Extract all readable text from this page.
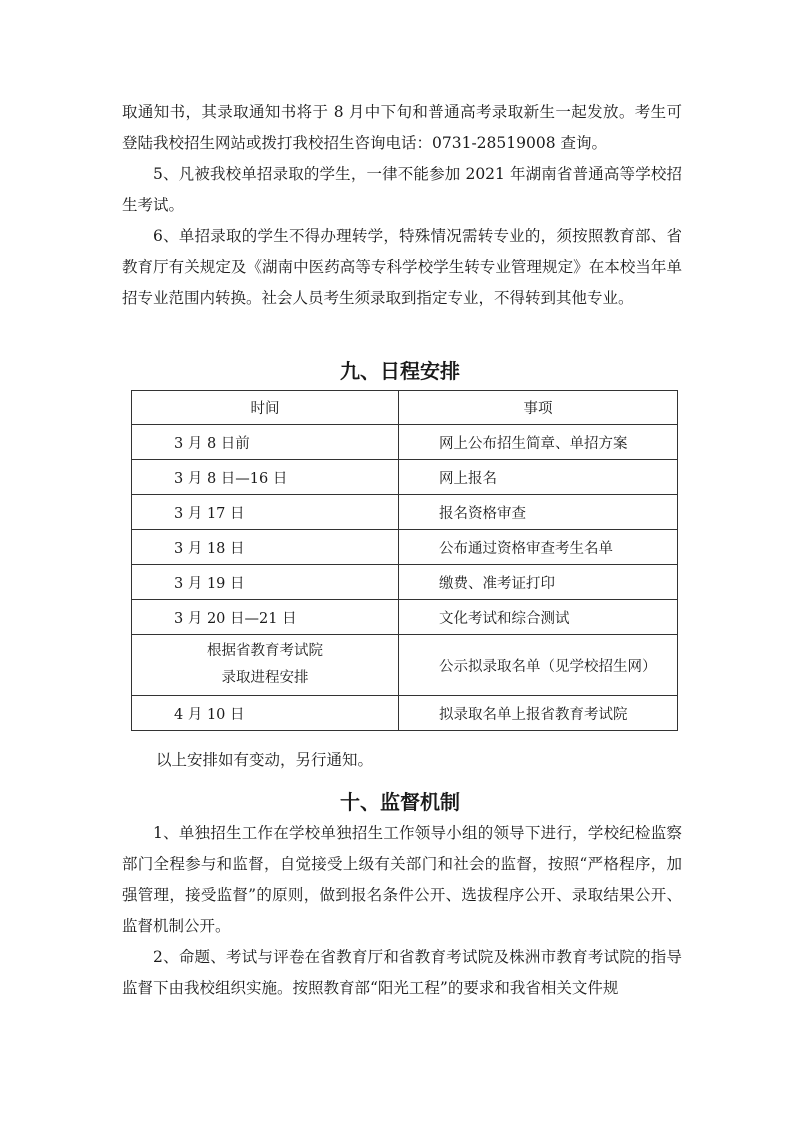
取通知书，其录取通知书将于 8 月中下旬和普通高考录取新生一起发放。考生可登陆我校招生网站或拨打我校招生咨询电话：0731-28519008 查询。

5、凡被我校单招录取的学生，一律不能参加 2021 年湖南省普通高等学校招生考试。

6、单招录取的学生不得办理转学，特殊情况需转专业的，须按照教育部、省教育厅有关规定及《湖南中医药高等专科学校学生转专业管理规定》在本校当年单招专业范围内转换。社会人员考生须录取到指定专业，不得转到其他专业。

九、日程安排
时间	事项
3 月 8 日前	网上公布招生简章、单招方案
3 月 8 日—16 日	网上报名
3 月 17 日	报名资格审查
3 月 18 日	公布通过资格审查考生名单
3 月 19 日	缴费、准考证打印
3 月 20 日—21 日	文化考试和综合测试

根据省教育考试院
录取进程安排	公示拟录取名单（见学校招生网）
4 月 10 日	拟录取名单上报省教育考试院

以上安排如有变动，另行通知。

十、监督机制

1、单独招生工作在学校单独招生工作领导小组的领导下进行，学校纪检监察部门全程参与和监督，自觉接受上级有关部门和社会的监督，按照“严格程序，加强管理，接受监督”的原则，做到报名条件公开、选拔程序公开、录取结果公开、监督机制公开。

2、命题、考试与评卷在省教育厅和省教育考试院及株洲市教育考试院的指导监督下由我校组织实施。按照教育部“阳光工程”的要求和我省相关文件规
